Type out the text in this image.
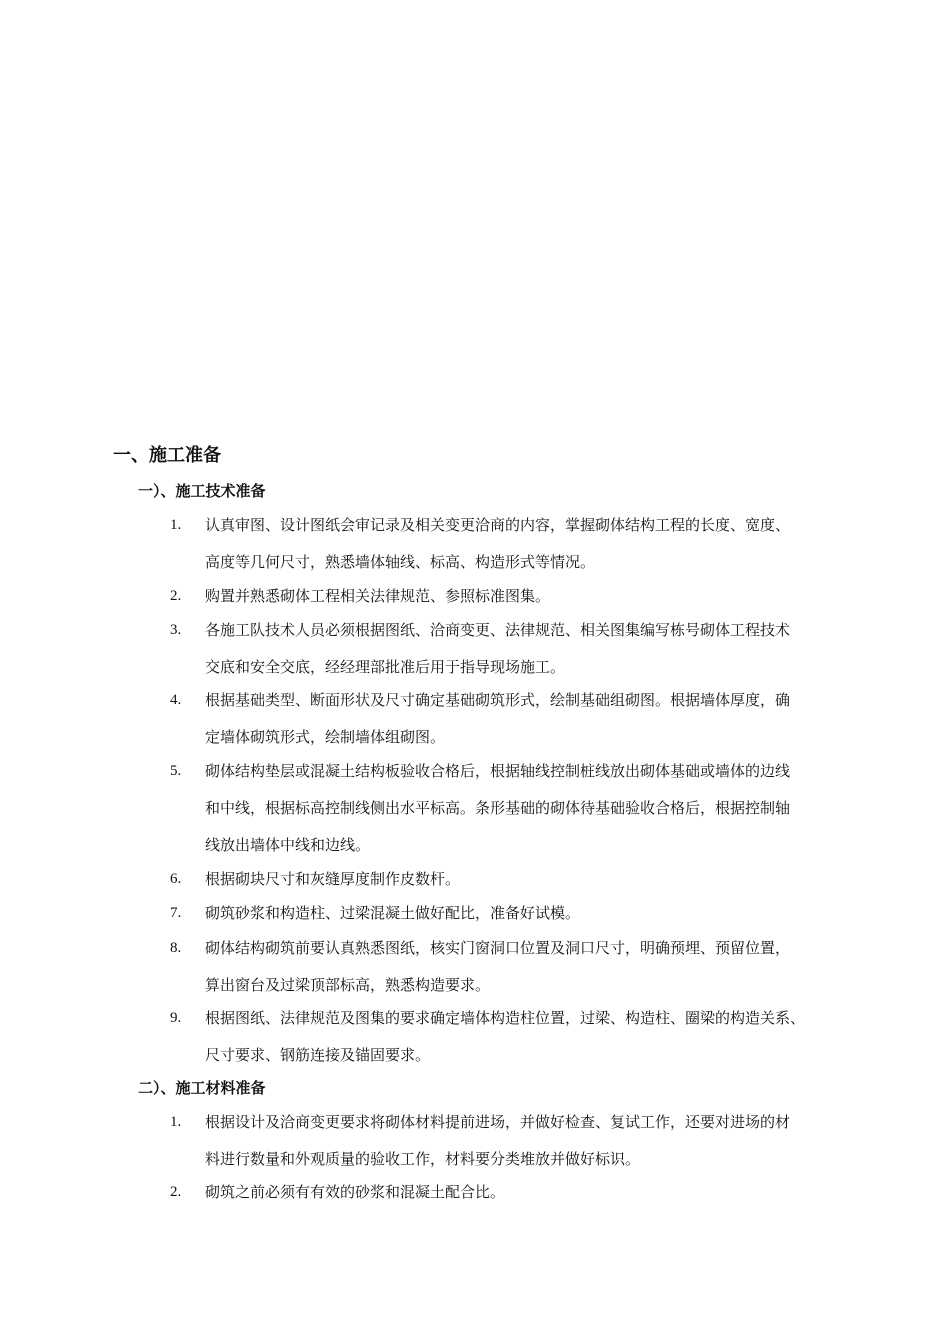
一、施工准备
一）、施工技术准备
1.	认真审图、设计图纸会审记录及相关变更洽商的内容，掌握砌体结构工程的长度、宽度、
高度等几何尺寸，熟悉墙体轴线、标高、构造形式等情况。
2.	购置并熟悉砌体工程相关法律规范、参照标准图集。
3.	各施工队技术人员必须根据图纸、洽商变更、法律规范、相关图集编写栋号砌体工程技术
交底和安全交底，经经理部批准后用于指导现场施工。
4.	根据基础类型、断面形状及尺寸确定基础砌筑形式，绘制基础组砌图。根据墙体厚度，确
定墙体砌筑形式，绘制墙体组砌图。
5.	砌体结构垫层或混凝土结构板验收合格后，根据轴线控制桩线放出砌体基础或墙体的边线
和中线，根据标高控制线侧出水平标高。条形基础的砌体待基础验收合格后，根据控制轴
线放出墙体中线和边线。
6.	根据砌块尺寸和灰缝厚度制作皮数杆。
7.	砌筑砂浆和构造柱、过梁混凝土做好配比，准备好试模。
8.	砌体结构砌筑前要认真熟悉图纸，核实门窗洞口位置及洞口尺寸，明确预埋、预留位置，
算出窗台及过梁顶部标高，熟悉构造要求。
9.	根据图纸、法律规范及图集的要求确定墙体构造柱位置，过梁、构造柱、圈梁的构造关系、
尺寸要求、钢筋连接及锚固要求。
二）、施工材料准备
1.	根据设计及洽商变更要求将砌体材料提前进场，并做好检查、复试工作，还要对进场的材
料进行数量和外观质量的验收工作，材料要分类堆放并做好标识。
2.	砌筑之前必须有有效的砂浆和混凝土配合比。
